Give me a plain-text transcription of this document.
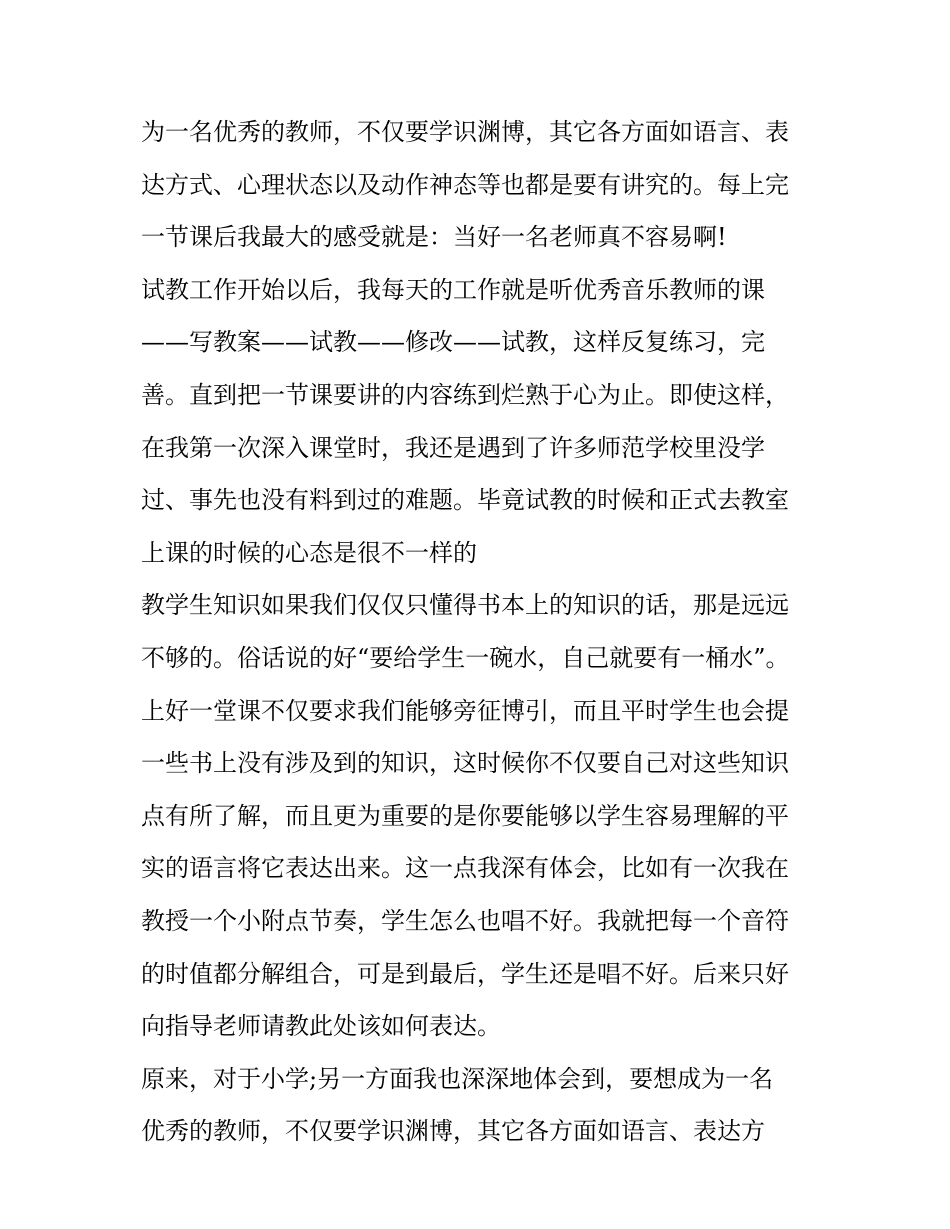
为一名优秀的教师，不仅要学识渊博，其它各方面如语言、表
达方式、心理状态以及动作神态等也都是要有讲究的。每上完
一节课后我最大的感受就是：当好一名老师真不容易啊!
试教工作开始以后，我每天的工作就是听优秀音乐教师的课
——写教案——试教——修改——试教，这样反复练习，完
善。直到把一节课要讲的内容练到烂熟于心为止。即使这样，
在我第一次深入课堂时，我还是遇到了许多师范学校里没学
过、事先也没有料到过的难题。毕竟试教的时候和正式去教室
上课的时候的心态是很不一样的
教学生知识如果我们仅仅只懂得书本上的知识的话，那是远远
不够的。俗话说的好“要给学生一碗水，自己就要有一桶水”。
上好一堂课不仅要求我们能够旁征博引，而且平时学生也会提
一些书上没有涉及到的知识，这时候你不仅要自己对这些知识
点有所了解，而且更为重要的是你要能够以学生容易理解的平
实的语言将它表达出来。这一点我深有体会，比如有一次我在
教授一个小附点节奏，学生怎么也唱不好。我就把每一个音符
的时值都分解组合，可是到最后，学生还是唱不好。后来只好
向指导老师请教此处该如何表达。
原来，对于小学;另一方面我也深深地体会到，要想成为一名
优秀的教师，不仅要学识渊博，其它各方面如语言、表达方
